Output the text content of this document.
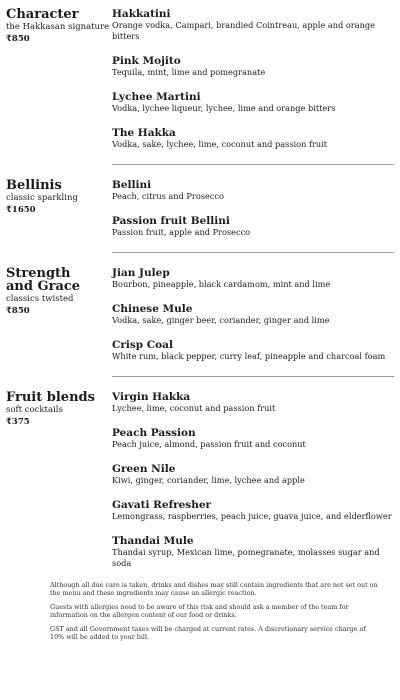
Character
the Hakkasan signature
₹850
Hakkatini
Orange vodka, Campari, brandied Cointreau, apple and orange bitters
Pink Mojito
Tequila, mint, lime and pomegranate
Lychee Martini
Vodka, lychee liqueur, lychee, lime and orange bitters
The Hakka
Vodka, sake, lychee, lime, coconut and passion fruit
Bellinis
classic sparkling
₹1650
Bellini
Peach, citrus and Prosecco
Passion fruit Bellini
Passion fruit, apple and Prosecco
Strength and Grace
classics twisted
₹850
Jian Julep
Bourbon, pineapple, black cardamom, mint and lime
Chinese Mule
Vodka, sake, ginger beer, coriander, ginger and lime
Crisp Coal
White rum, black pepper, curry leaf, pineapple and charcoal foam
Fruit blends
soft cocktails
₹375
Virgin Hakka
Lychee, lime, coconut and passion fruit
Peach Passion
Peach juice, almond, passion fruit and coconut
Green Nile
Kiwi, ginger, coriander, lime, lychee and apple
Gavati Refresher
Lemongrass, raspberries, peach juice, guava juice, and elderflower
Thandai Mule
Thandai syrup, Mexican lime, pomegranate, molasses sugar and soda

Although all due care is taken, drinks and dishes may still contain ingredients that are not set out on the menu and these ingredients may cause an allergic reaction.

Guests with allergies need to be aware of this risk and should ask a member of the team for information on the allergen content of our food or drinks.

GST and all Government taxes will be charged at current rates. A discretionary service charge of 10% will be added to your bill.
